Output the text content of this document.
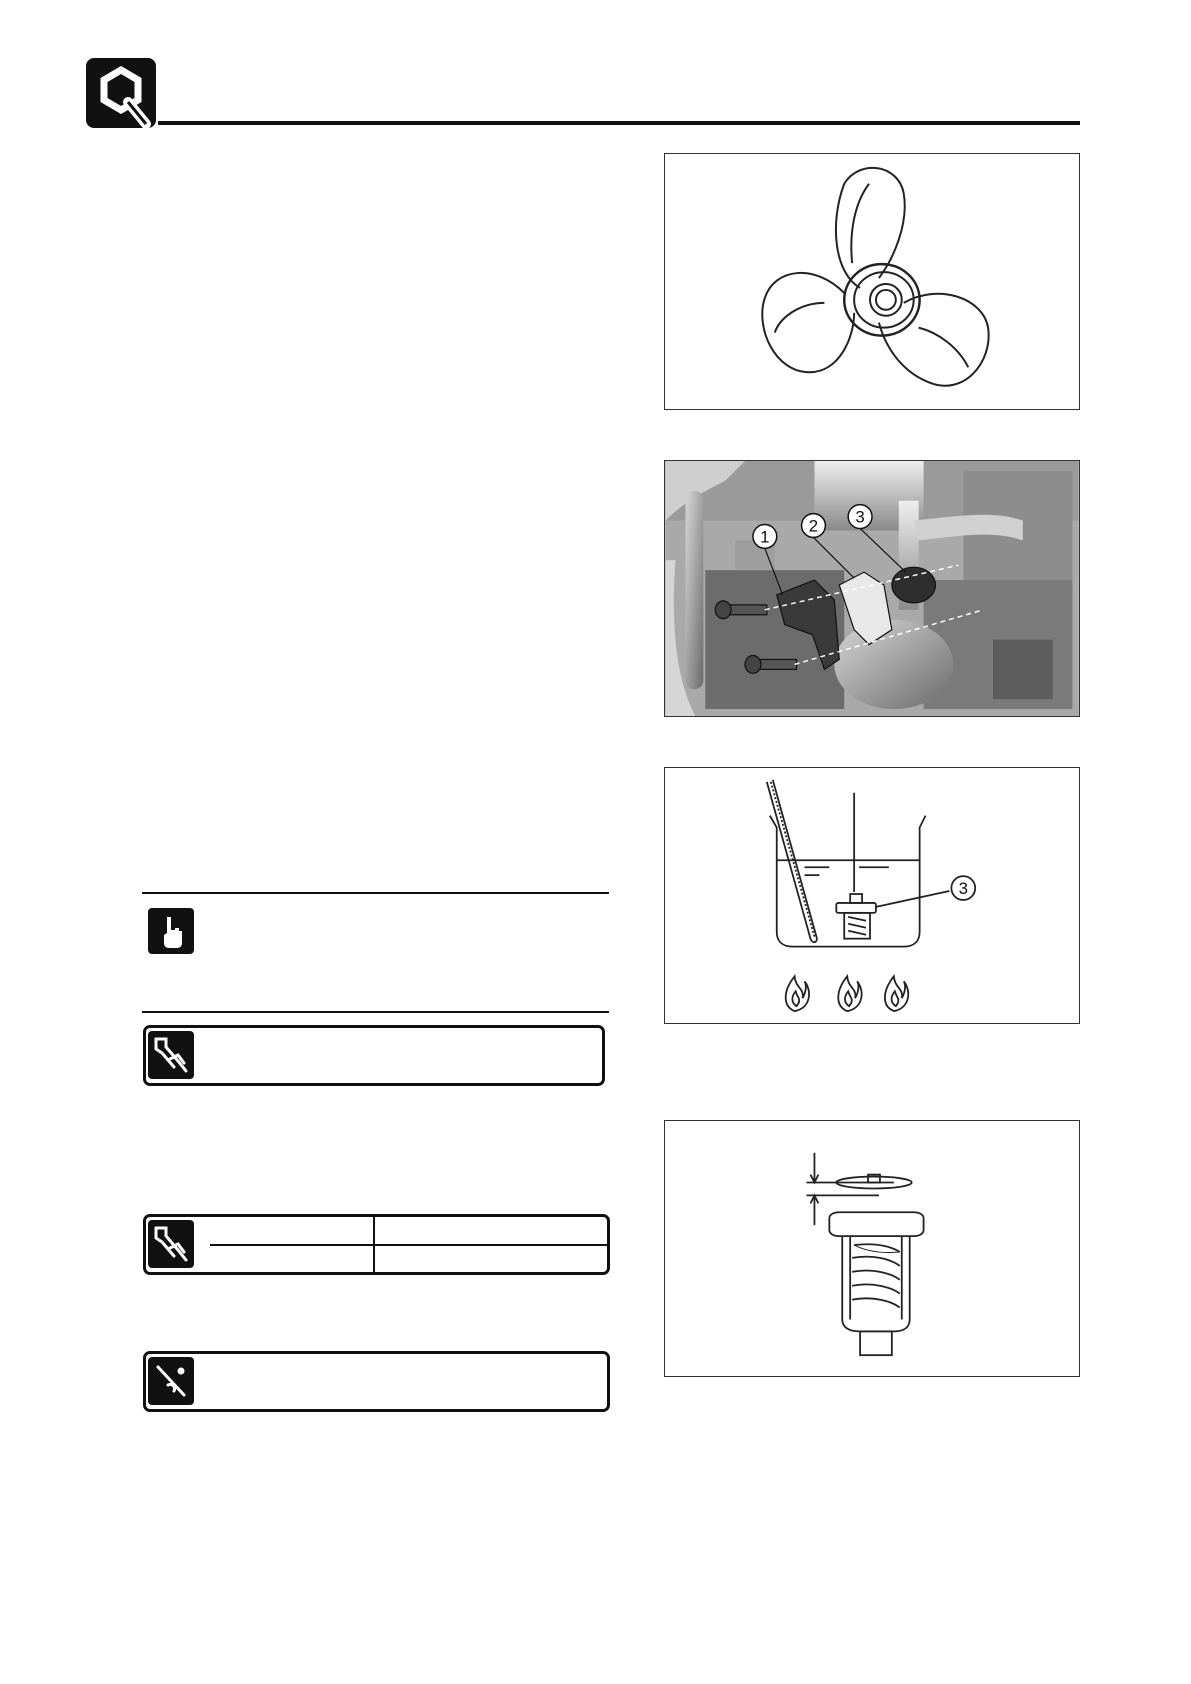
1
2 3
3
